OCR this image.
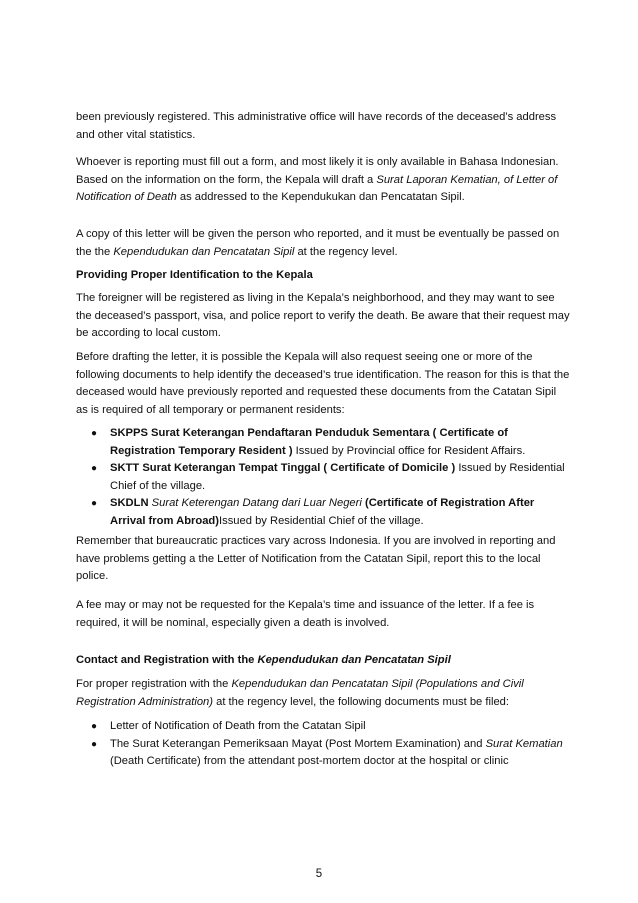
been previously registered. This administrative office will have records of the deceased’s address and other vital statistics.

Whoever is reporting must fill out a form, and most likely it is only available in Bahasa Indonesian. Based on the information on the form, the Kepala will draft a Surat Laporan Kematian, of Letter of Notification of Death as addressed to the Kependukukan dan Pencatatan Sipil.

A copy of this letter will be given the person who reported, and it must be eventually be passed on the the Kependudukan dan Pencatatan Sipil at the regency level.

Providing Proper Identification to the Kepala

The foreigner will be registered as living in the Kepala’s neighborhood, and they may want to see the deceased’s passport, visa, and police report to verify the death. Be aware that their request may be according to local custom.

Before drafting the letter, it is possible the Kepala will also request seeing one or more of the following documents to help identify the deceased’s true identification. The reason for this is that the deceased would have previously reported and requested these documents from the Catatan Sipil as is required of all temporary or permanent residents:

● SKPPS Surat Keterangan Pendaftaran Penduduk Sementara ( Certificate of Registration Temporary Resident ) Issued by Provincial office for Resident Affairs.
● SKTT Surat Keterangan Tempat Tinggal ( Certificate of Domicile ) Issued by Residential Chief of the village.
● SKDLN Surat Keterengan Datang dari Luar Negeri (Certificate of Registration After Arrival from Abroad)Issued by Residential Chief of the village.

Remember that bureaucratic practices vary across Indonesia. If you are involved in reporting and have problems getting a the Letter of Notification from the Catatan Sipil, report this to the local police.

A fee may or may not be requested for the Kepala’s time and issuance of the letter. If a fee is required, it will be nominal, especially given a death is involved.

Contact and Registration with the Kependudukan dan Pencatatan Sipil

For proper registration with the Kependudukan dan Pencatatan Sipil (Populations and Civil Registration Administration) at the regency level, the following documents must be filed:

● Letter of Notification of Death from the Catatan Sipil
● The Surat Keterangan Pemeriksaan Mayat (Post Mortem Examination) and Surat Kematian (Death Certificate) from the attendant post-mortem doctor at the hospital or clinic
5
